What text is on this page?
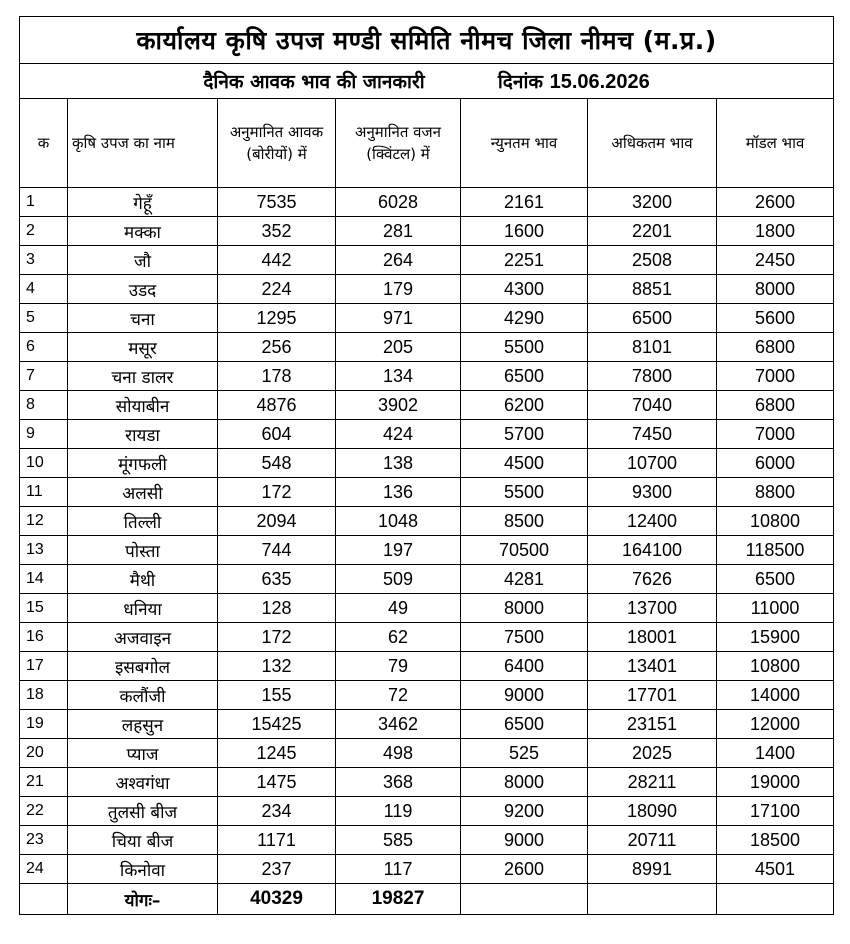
कार्यालय कृषि उपज मण्डी समिति नीमच जिला नीमच (म.प्र.)						
दैनिक आवक भाव की जानकारी दिनांक 15.06.2026						
क	कृषि उपज का नाम	अनुमानित आवक (बोरीयों) में	अनुमानित वजन (क्विंटल) में	न्युनतम भाव	अधिकतम भाव	मॉडल भाव
1	गेहूँ	7535	6028	2161	3200	2600
2	मक्का	352	281	1600	2201	1800
3	जौ	442	264	2251	2508	2450
4	उडद	224	179	4300	8851	8000
5	चना	1295	971	4290	6500	5600
6	मसूर	256	205	5500	8101	6800
7	चना डालर	178	134	6500	7800	7000
8	सोयाबीन	4876	3902	6200	7040	6800
9	रायडा	604	424	5700	7450	7000
10	मूंगफली	548	138	4500	10700	6000
11	अलसी	172	136	5500	9300	8800
12	तिल्ली	2094	1048	8500	12400	10800
13	पोस्ता	744	197	70500	164100	118500
14	मैथी	635	509	4281	7626	6500
15	धनिया	128	49	8000	13700	11000
16	अजवाइन	172	62	7500	18001	15900
17	इसबगोल	132	79	6400	13401	10800
18	कलौंजी	155	72	9000	17701	14000
19	लहसुन	15425	3462	6500	23151	12000
20	प्याज	1245	498	525	2025	1400
21	अश्वगंधा	1475	368	8000	28211	19000
22	तुलसी बीज	234	119	9200	18090	17100
23	चिया बीज	1171	585	9000	20711	18500
24	किनोवा	237	117	2600	8991	4501
	योगः–	40329	19827			
